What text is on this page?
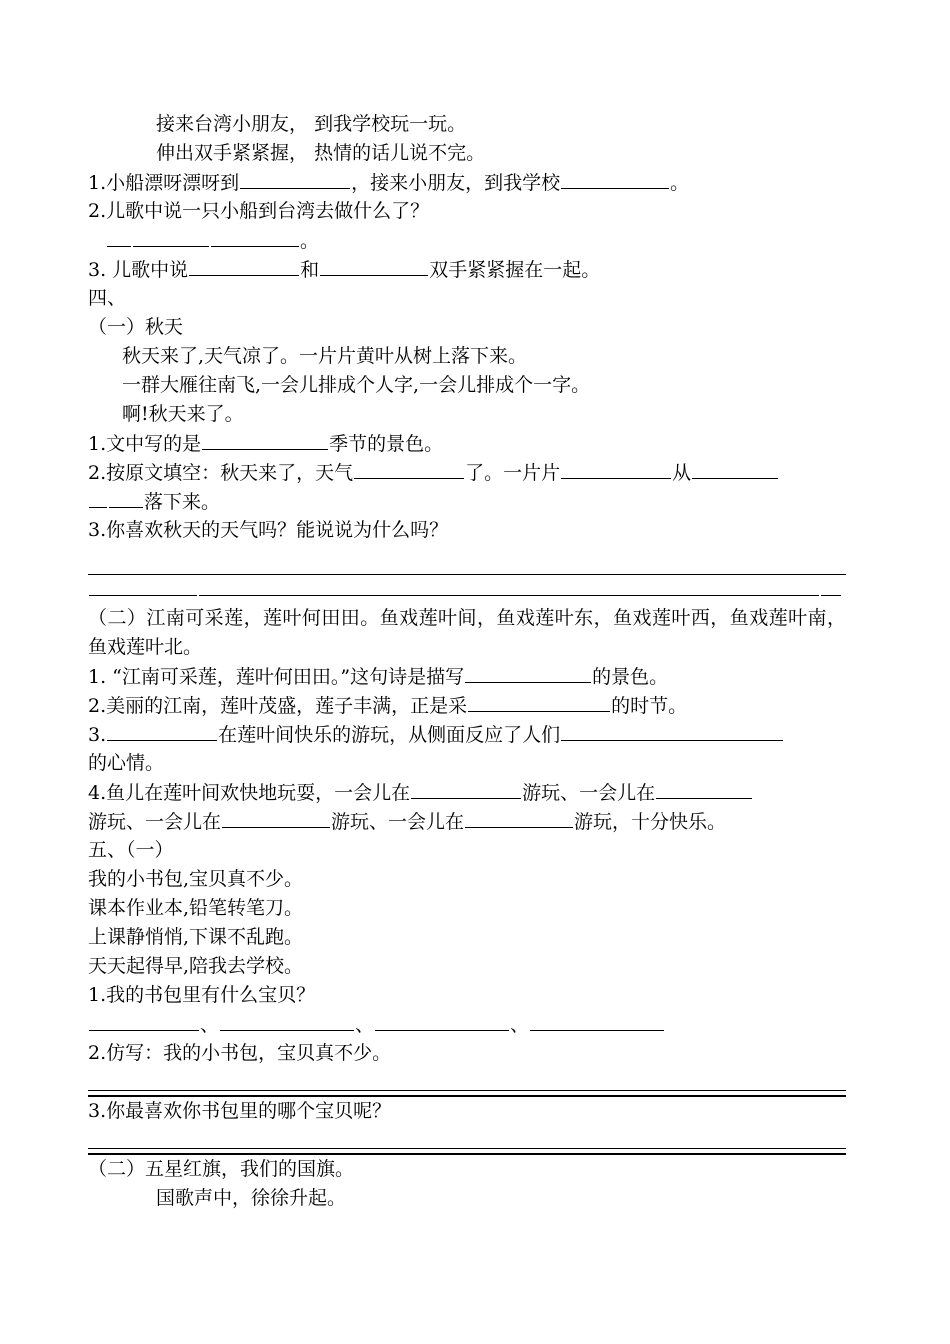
接来台湾小朋友， 到我学校玩一玩。
伸出双手紧紧握， 热情的话儿说不完。
1.小船漂呀漂呀到	，接来小朋友，到我学校	。
2.儿歌中说一只小船到台湾去做什么了？
。
3. 儿歌中说	和	双手紧紧握在一起。
四、
（一）秋天
秋天来了,天气凉了。一片片黄叶从树上落下来。
一群大雁往南飞,一会儿排成个人字,一会儿排成个一字。
啊!秋天来了。
1.文中写的是	季节的景色。
2.按原文填空：秋天来了，天气	了。一片片	从
落下来。
3.你喜欢秋天的天气吗？能说说为什么吗？
（二）江南可采莲，莲叶何田田。鱼戏莲叶间，鱼戏莲叶东，鱼戏莲叶西，鱼戏莲叶南，鱼戏莲叶北。
1. “江南可采莲，莲叶何田田。”这句诗是描写	的景色。
2.美丽的江南，莲叶茂盛，莲子丰满，正是采	的时节。
3.	在莲叶间快乐的游玩，从侧面反应了人们
的心情。
4.鱼儿在莲叶间欢快地玩耍，一会儿在	游玩、一会儿在
游玩、一会儿在	游玩、一会儿在	游玩，十分快乐。
五、（一）
我的小书包,宝贝真不少。
课本作业本,铅笔转笔刀。
上课静悄悄,下课不乱跑。
天天起得早,陪我去学校。
1.我的书包里有什么宝贝？
、	、	、
2.仿写：我的小书包，宝贝真不少。
3.你最喜欢你书包里的哪个宝贝呢？
（二）五星红旗，我们的国旗。
国歌声中，徐徐升起。
